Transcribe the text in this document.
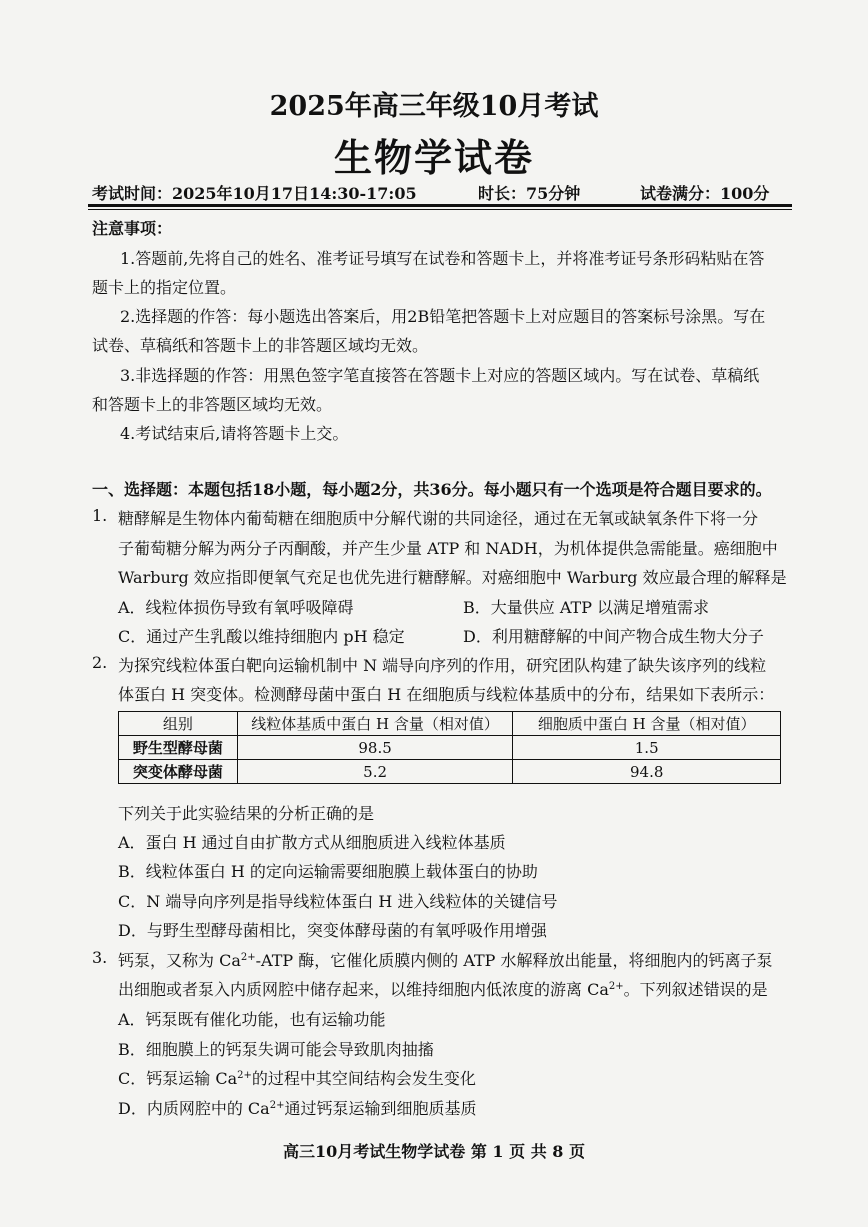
2025年高三年级10月考试
生物学试卷
考试时间：2025年10月17日14:30-17:05	时长：75分钟	试卷满分：100分
注意事项：
1.答题前,先将自己的姓名、准考证号填写在试卷和答题卡上，并将准考证号条形码粘贴在答
题卡上的指定位置。
2.选择题的作答：每小题选出答案后，用2B铅笔把答题卡上对应题目的答案标号涂黑。写在
试卷、草稿纸和答题卡上的非答题区域均无效。
3.非选择题的作答：用黑色签字笔直接答在答题卡上对应的答题区域内。写在试卷、草稿纸
和答题卡上的非答题区域均无效。
4.考试结束后,请将答题卡上交。
一、选择题：本题包括18小题，每小题2分，共36分。每小题只有一个选项是符合题目要求的。
1. 糖酵解是生物体内葡萄糖在细胞质中分解代谢的共同途径，通过在无氧或缺氧条件下将一分
子葡萄糖分解为两分子丙酮酸，并产生少量 ATP 和 NADH，为机体提供急需能量。癌细胞中
Warburg 效应指即便氧气充足也优先进行糖酵解。对癌细胞中 Warburg 效应最合理的解释是
A．线粒体损伤导致有氧呼吸障碍	B．大量供应 ATP 以满足增殖需求
C．通过产生乳酸以维持细胞内 pH 稳定	D．利用糖酵解的中间产物合成生物大分子
2. 为探究线粒体蛋白靶向运输机制中 N 端导向序列的作用，研究团队构建了缺失该序列的线粒
体蛋白 H 突变体。检测酵母菌中蛋白 H 在细胞质与线粒体基质中的分布，结果如下表所示：
组别	线粒体基质中蛋白 H 含量（相对值）	细胞质中蛋白 H 含量（相对值）
野生型酵母菌	98.5	1.5
突变体酵母菌	5.2	94.8
下列关于此实验结果的分析正确的是
A．蛋白 H 通过自由扩散方式从细胞质进入线粒体基质
B．线粒体蛋白 H 的定向运输需要细胞膜上载体蛋白的协助
C．N 端导向序列是指导线粒体蛋白 H 进入线粒体的关键信号
D．与野生型酵母菌相比，突变体酵母菌的有氧呼吸作用增强
3. 钙泵，又称为 $Ca^{2+}$-ATP 酶，它催化质膜内侧的 ATP 水解释放出能量，将细胞内的钙离子泵
出细胞或者泵入内质网腔中储存起来，以维持细胞内低浓度的游离 $Ca^{2+}$。下列叙述错误的是
A．钙泵既有催化功能，也有运输功能
B．细胞膜上的钙泵失调可能会导致肌肉抽搐
C．钙泵运输 $Ca^{2+}$的过程中其空间结构会发生变化
D．内质网腔中的 $Ca^{2+}$通过钙泵运输到细胞质基质
高三10月考试生物学试卷 第 1 页 共 8 页
